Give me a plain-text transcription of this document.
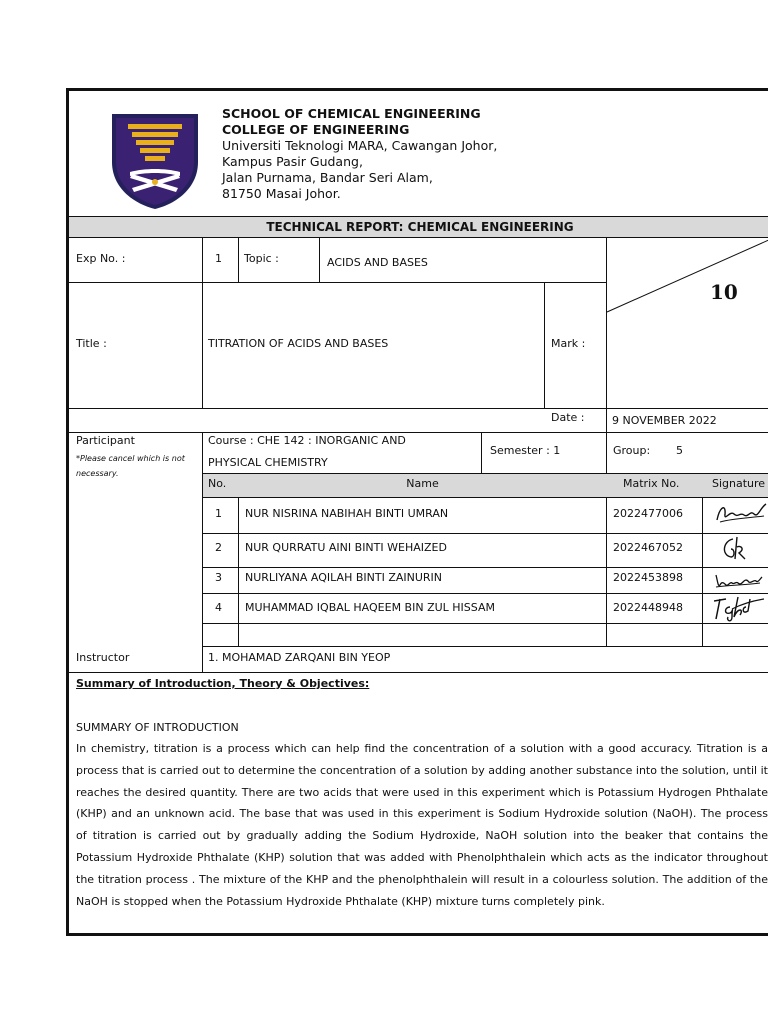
SCHOOL OF CHEMICAL ENGINEERING
COLLEGE OF ENGINEERING
Universiti Teknologi MARA, Cawangan Johor,
Kampus Pasir Gudang,
Jalan Purnama, Bandar Seri Alam,
81750 Masai Johor.
TECHNICAL REPORT: CHEMICAL ENGINEERING
Exp No. :	1 Topic :	ACIDS AND BASES
10
Title :	TITRATION OF ACIDS AND BASES	Mark :
Date :	9 NOVEMBER 2022
Participant
*Please cancel which is not necessary.
Course : CHE 142 : INORGANIC AND
PHYSICAL CHEMISTRY
Semester : 1	Group: 5
No.	Name	Matrix No.	Signature
1 NUR NISRINA NABIHAH BINTI UMRAN	2022477006
2 NUR QURRATU AINI BINTI WEHAIZED	2022467052
3 NURLIYANA AQILAH BINTI ZAINURIN	2022453898
4 MUHAMMAD IQBAL HAQEEM BIN ZUL HISSAM	2022448948
Instructor	1. MOHAMAD ZARQANI BIN YEOP
Summary of Introduction, Theory & Objectives:
SUMMARY OF INTRODUCTION
In chemistry, titration is a process which can help find the concentration of a solution with a good accuracy. Titration is a
process that is carried out to determine the concentration of a solution by adding another substance into the solution, until it
reaches the desired quantity. There are two acids that were used in this experiment which is Potassium Hydrogen Phthalate
(KHP) and an unknown acid. The base that was used in this experiment is Sodium Hydroxide solution (NaOH). The process
of titration is carried out by gradually adding the Sodium Hydroxide, NaOH solution into the beaker that contains the
Potassium Hydroxide Phthalate (KHP) solution that was added with Phenolphthalein which acts as the indicator throughout
the titration process . The mixture of the KHP and the phenolphthalein will result in a colourless solution. The addition of the
NaOH is stopped when the Potassium Hydroxide Phthalate (KHP) mixture turns completely pink.
